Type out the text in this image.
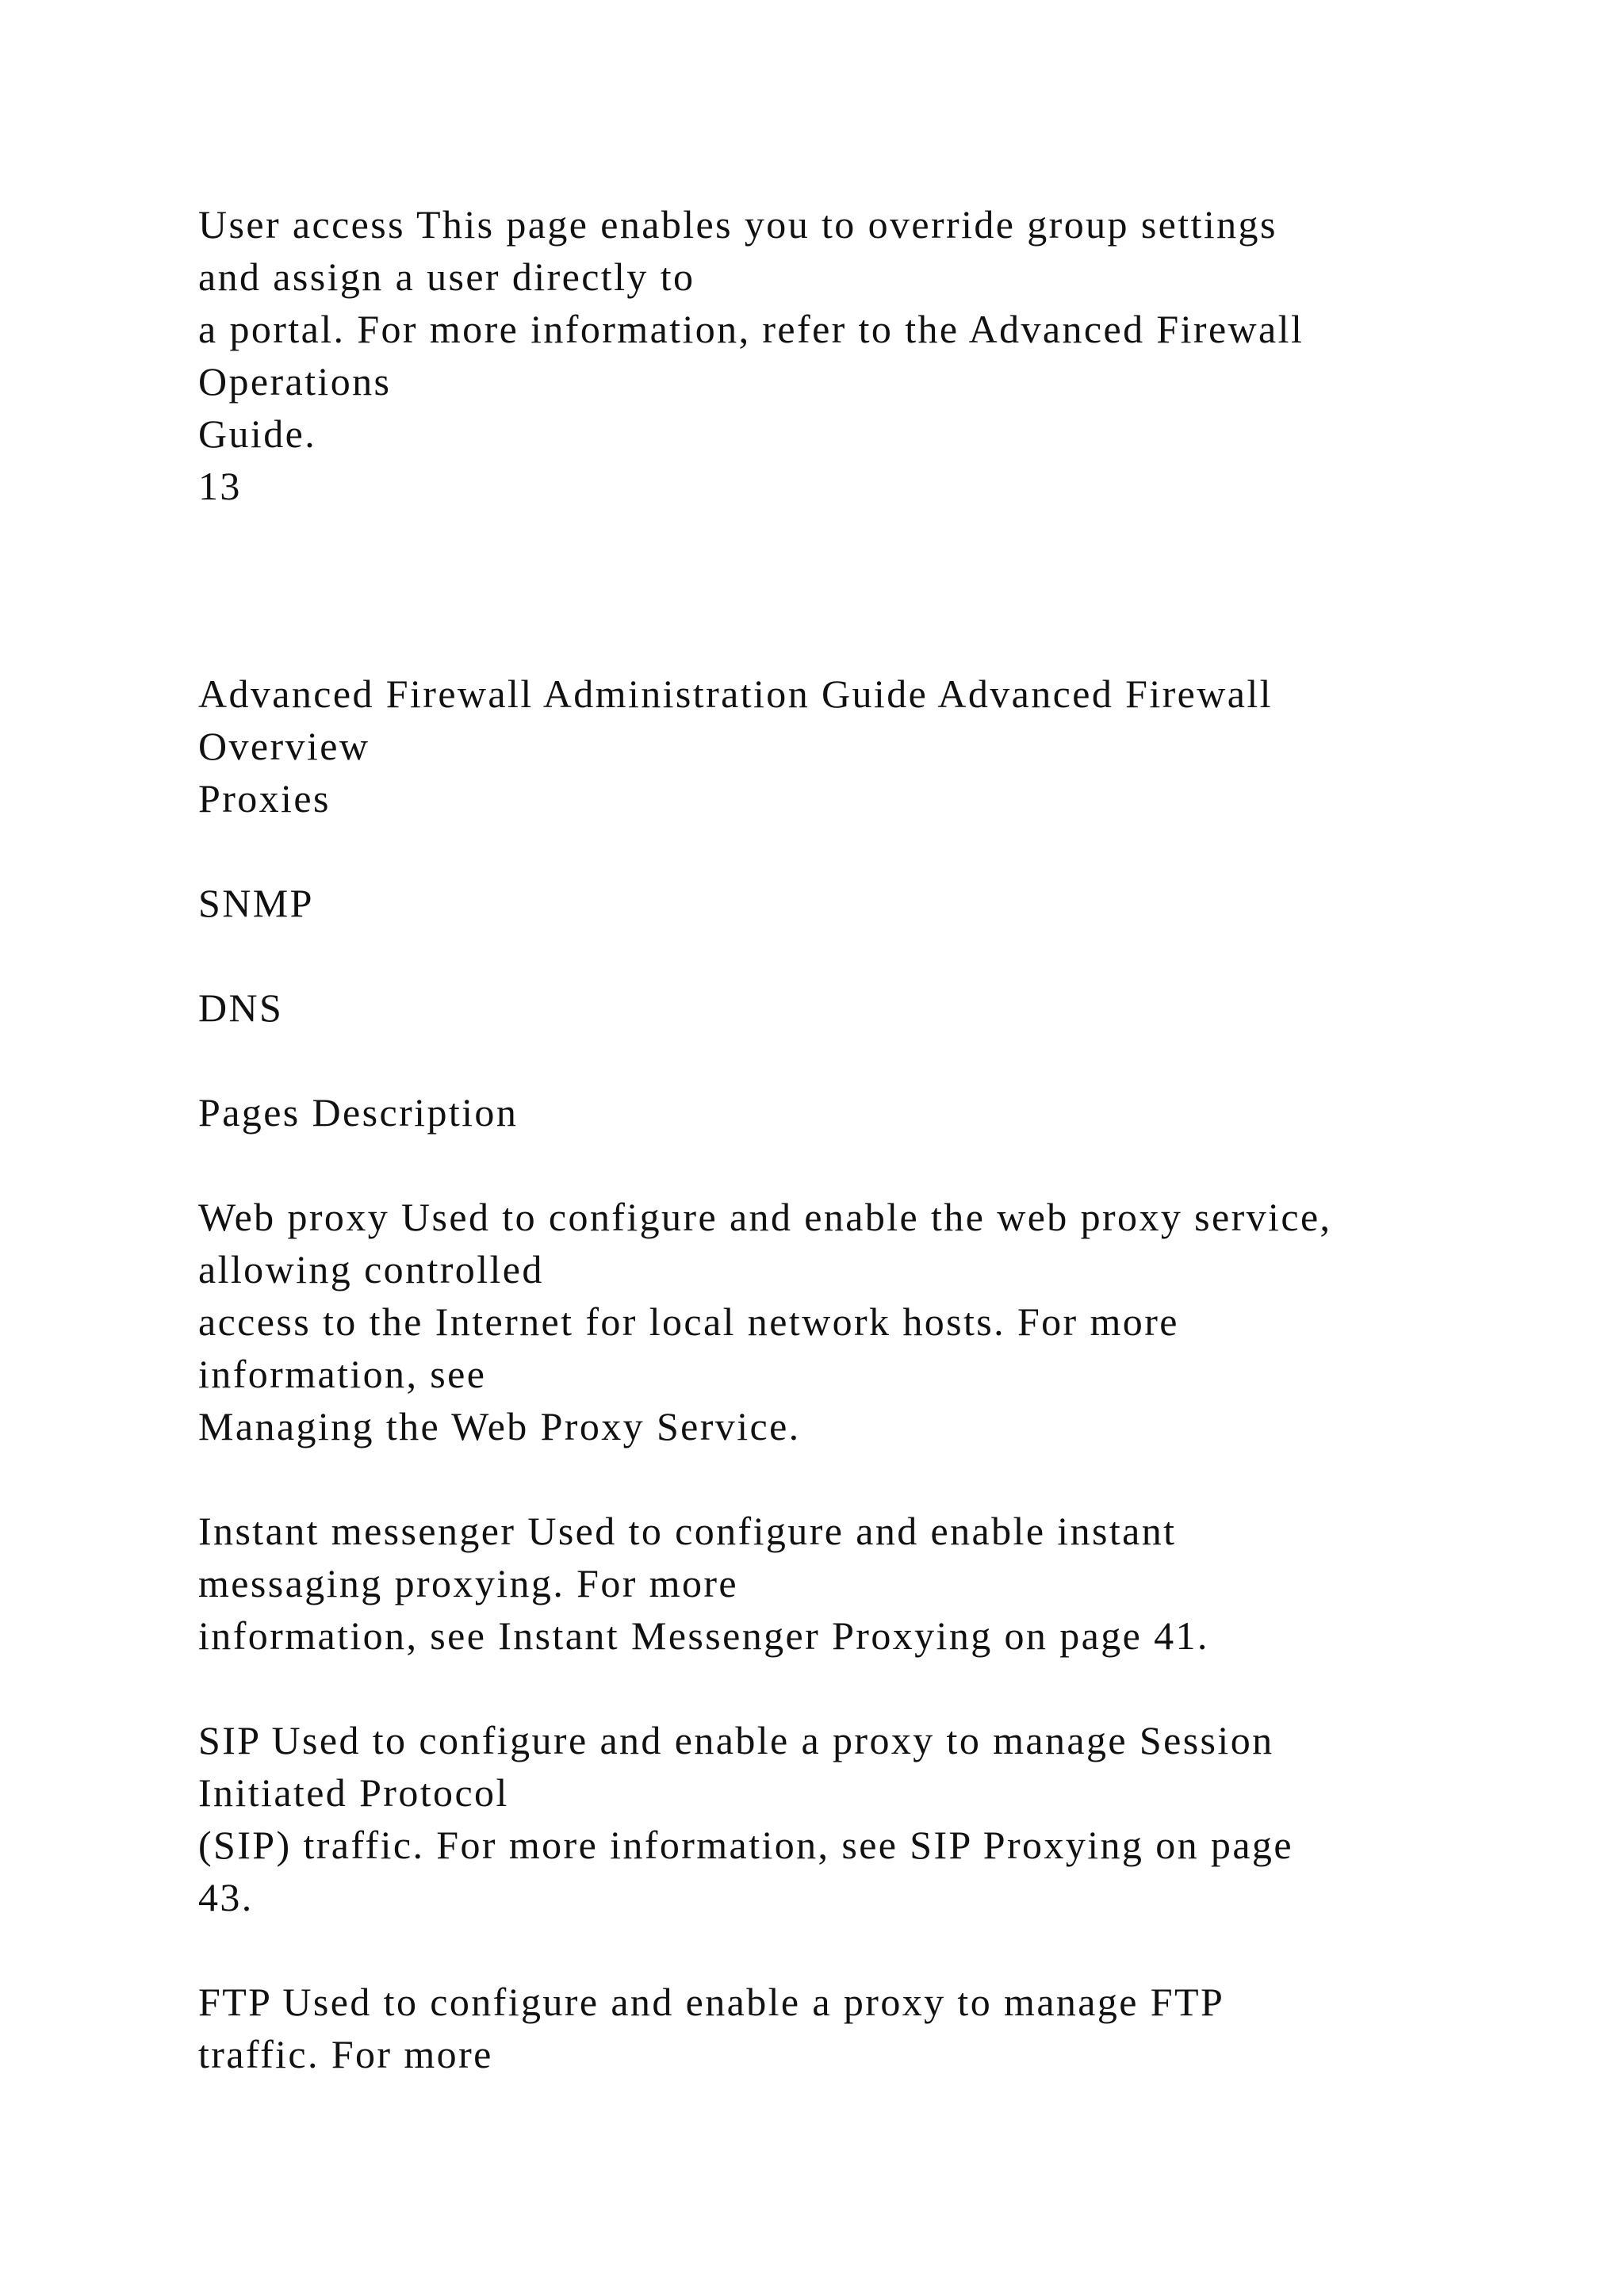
User access This page enables you to override group settings
and assign a user directly to
a portal. For more information, refer to the Advanced Firewall
Operations
Guide.
13
Advanced Firewall Administration Guide Advanced Firewall
Overview
Proxies
SNMP
DNS
Pages Description
Web proxy Used to configure and enable the web proxy service,
allowing controlled
access to the Internet for local network hosts. For more
information, see
Managing the Web Proxy Service.
Instant messenger Used to configure and enable instant
messaging proxying. For more
information, see Instant Messenger Proxying on page 41.
SIP Used to configure and enable a proxy to manage Session
Initiated Protocol
(SIP) traffic. For more information, see SIP Proxying on page
43.
FTP Used to configure and enable a proxy to manage FTP
traffic. For more
